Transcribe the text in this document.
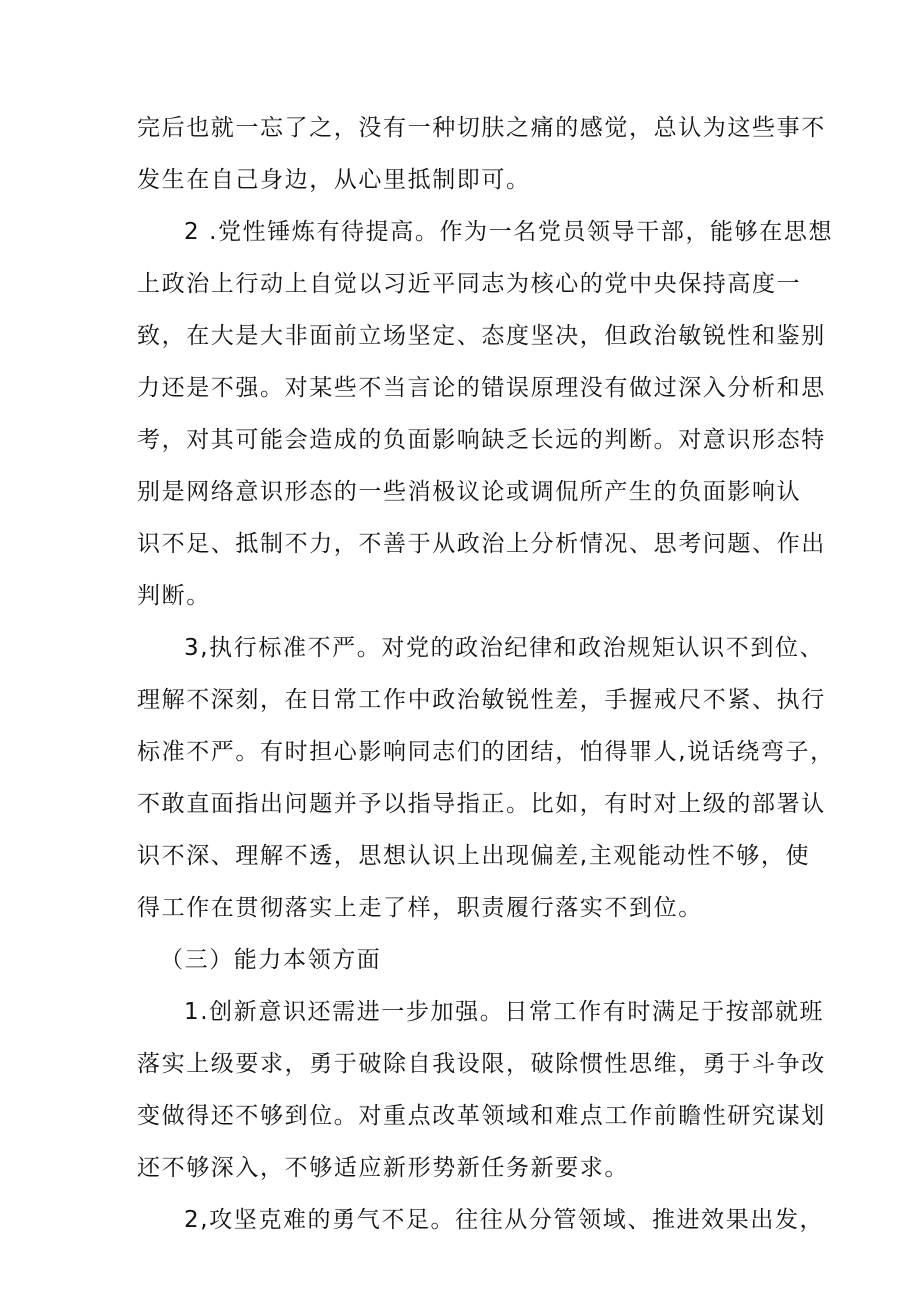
完后也就一忘了之，没有一种切肤之痛的感觉，总认为这些事不
发生在自己身边，从心里抵制即可。
2 .党性锤炼有待提高。作为一名党员领导干部，能够在思想
上政治上行动上自觉以习近平同志为核心的党中央保持高度一
致，在大是大非面前立场坚定、态度坚决，但政治敏锐性和鉴别
力还是不强。对某些不当言论的错误原理没有做过深入分析和思
考，对其可能会造成的负面影响缺乏长远的判断。对意识形态特
别是网络意识形态的一些消极议论或调侃所产生的负面影响认
识不足、抵制不力，不善于从政治上分析情况、思考问题、作出
判断。
3,执行标准不严。对党的政治纪律和政治规矩认识不到位、
理解不深刻，在日常工作中政治敏锐性差，手握戒尺不紧、执行
标准不严。有时担心影响同志们的团结，怕得罪人,说话绕弯子，
不敢直面指出问题并予以指导指正。比如，有时对上级的部署认
识不深、理解不透，思想认识上出现偏差,主观能动性不够，使
得工作在贯彻落实上走了样，职责履行落实不到位。
（三）能力本领方面
1.创新意识还需进一步加强。日常工作有时满足于按部就班
落实上级要求，勇于破除自我设限，破除惯性思维，勇于斗争改
变做得还不够到位。对重点改革领域和难点工作前瞻性研究谋划
还不够深入，不够适应新形势新任务新要求。
2,攻坚克难的勇气不足。往往从分管领域、推进效果出发，
